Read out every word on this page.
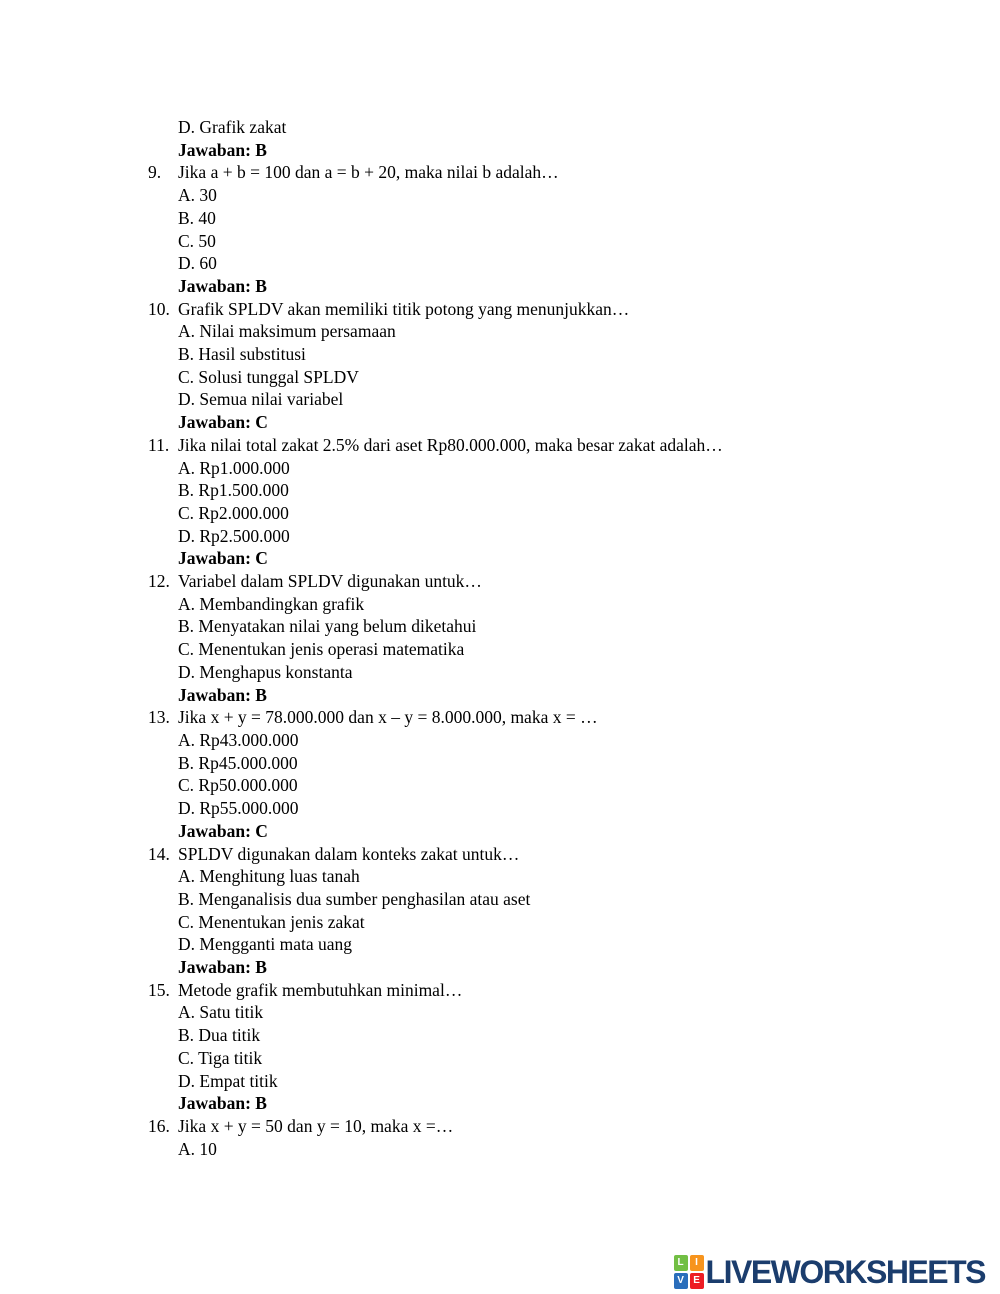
D. Grafik zakat
Jawaban: B
9. Jika a + b = 100 dan a = b + 20, maka nilai b adalah…
A. 30
B. 40
C. 50
D. 60
Jawaban: B
10. Grafik SPLDV akan memiliki titik potong yang menunjukkan…
A. Nilai maksimum persamaan
B. Hasil substitusi
C. Solusi tunggal SPLDV
D. Semua nilai variabel
Jawaban: C
11. Jika nilai total zakat 2.5% dari aset Rp80.000.000, maka besar zakat adalah…
A. Rp1.000.000
B. Rp1.500.000
C. Rp2.000.000
D. Rp2.500.000
Jawaban: C
12. Variabel dalam SPLDV digunakan untuk…
A. Membandingkan grafik
B. Menyatakan nilai yang belum diketahui
C. Menentukan jenis operasi matematika
D. Menghapus konstanta
Jawaban: B
13. Jika x + y = 78.000.000 dan x – y = 8.000.000, maka x = …
A. Rp43.000.000
B. Rp45.000.000
C. Rp50.000.000
D. Rp55.000.000
Jawaban: C
14. SPLDV digunakan dalam konteks zakat untuk…
A. Menghitung luas tanah
B. Menganalisis dua sumber penghasilan atau aset
C. Menentukan jenis zakat
D. Mengganti mata uang
Jawaban: B
15. Metode grafik membutuhkan minimal…
A. Satu titik
B. Dua titik
C. Tiga titik
D. Empat titik
Jawaban: B
16. Jika x + y = 50 dan y = 10, maka x =…
A. 10
L	I
V E LIVEWORKSHEETS
